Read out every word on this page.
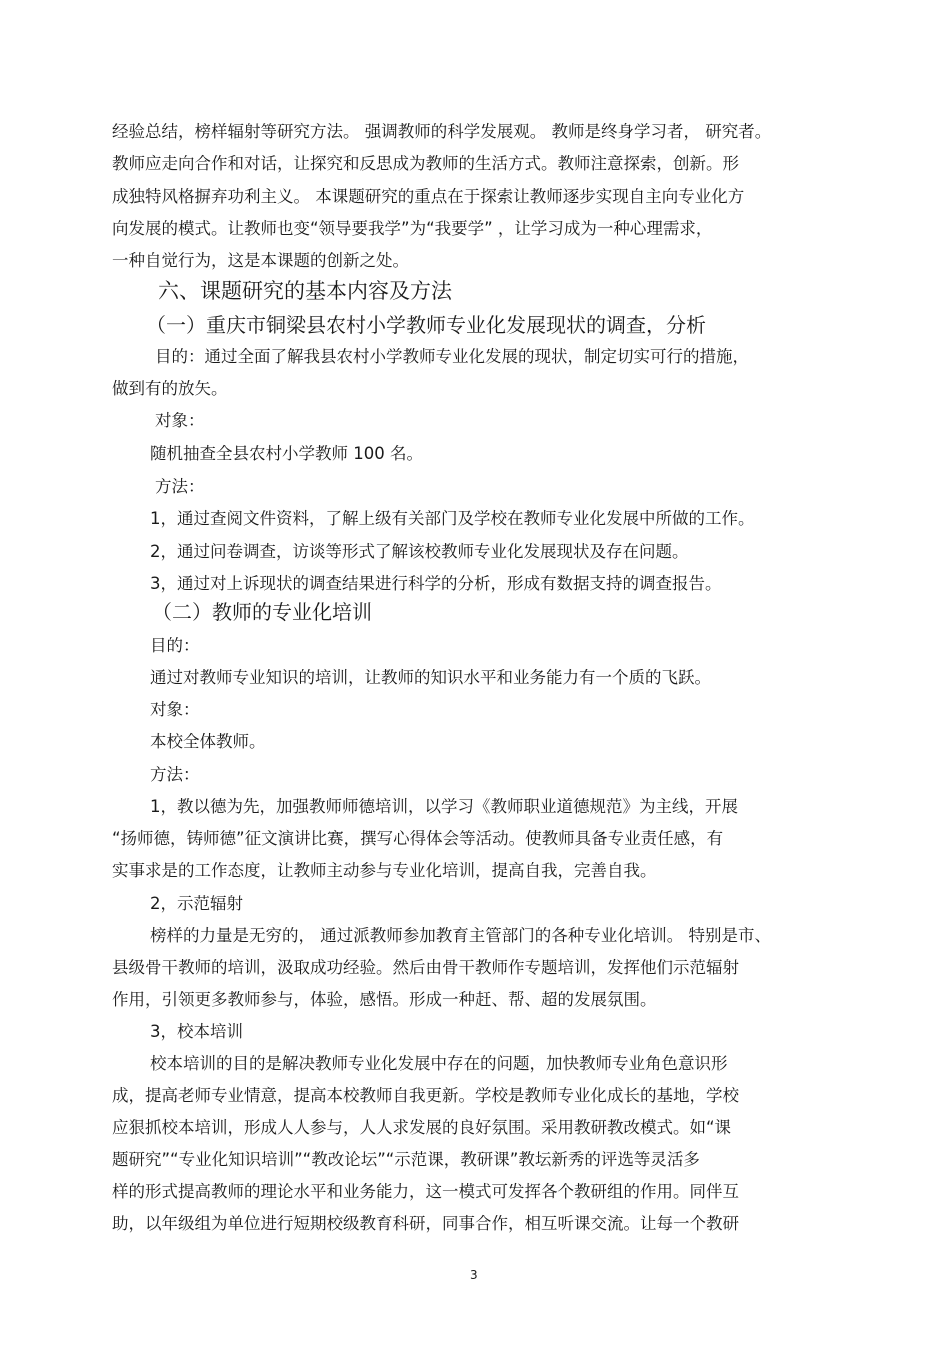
经验总结，榜样辐射等研究方法。 强调教师的科学发展观。 教师是终身学习者， 研究者。
教师应走向合作和对话，让探究和反思成为教师的生活方式。教师注意探索，创新。形
成独特风格摒弃功利主义。 本课题研究的重点在于探索让教师逐步实现自主向专业化方
向发展的模式。让教师也变“领导要我学”为“我要学” ，让学习成为一种心理需求，
一种自觉行为，这是本课题的创新之处。
六、课题研究的基本内容及方法
（一）重庆市铜梁县农村小学教师专业化发展现状的调查，分析
目的：通过全面了解我县农村小学教师专业化发展的现状，制定切实可行的措施，
做到有的放矢。
对象：
随机抽查全县农村小学教师 100 名。
方法：
1，通过查阅文件资料，了解上级有关部门及学校在教师专业化发展中所做的工作。
2，通过问卷调查，访谈等形式了解该校教师专业化发展现状及存在问题。
3，通过对上诉现状的调查结果进行科学的分析，形成有数据支持的调查报告。
（二）教师的专业化培训
目的：
通过对教师专业知识的培训，让教师的知识水平和业务能力有一个质的飞跃。
对象：
本校全体教师。
方法：
1，教以德为先，加强教师师德培训，以学习《教师职业道德规范》为主线，开展
“扬师德，铸师德”征文演讲比赛，撰写心得体会等活动。使教师具备专业责任感，有
实事求是的工作态度，让教师主动参与专业化培训，提高自我，完善自我。
2，示范辐射
榜样的力量是无穷的， 通过派教师参加教育主管部门的各种专业化培训。 特别是市、
县级骨干教师的培训，汲取成功经验。然后由骨干教师作专题培训，发挥他们示范辐射
作用，引领更多教师参与，体验，感悟。形成一种赶、帮、超的发展氛围。
3，校本培训
校本培训的目的是解决教师专业化发展中存在的问题，加快教师专业角色意识形
成，提高老师专业情意，提高本校教师自我更新。学校是教师专业化成长的基地，学校
应狠抓校本培训，形成人人参与，人人求发展的良好氛围。采用教研教改模式。如“课
题研究”“专业化知识培训”“教改论坛”“示范课，教研课”教坛新秀的评选等灵活多
样的形式提高教师的理论水平和业务能力，这一模式可发挥各个教研组的作用。同伴互
助，以年级组为单位进行短期校级教育科研，同事合作，相互听课交流。让每一个教研
3
